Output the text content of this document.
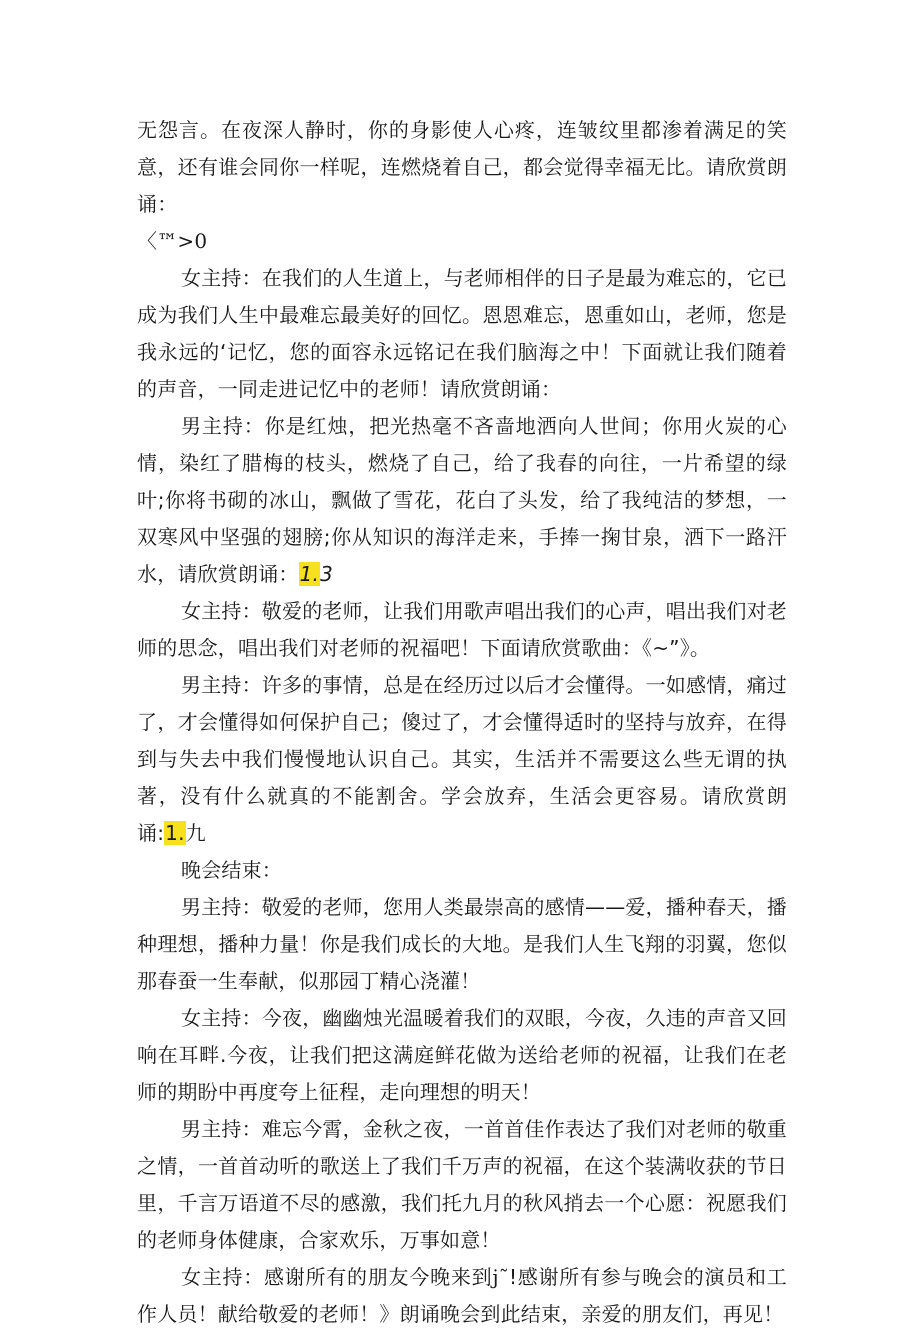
无怨言。在夜深人静时，你的身影使人心疼，连皱纹里都渗着满足的笑意，还有谁会同你一样呢，连燃烧着自己，都会觉得幸福无比。请欣赏朗诵：
〈™>0

女主持：在我们的人生道上，与老师相伴的日子是最为难忘的，它已成为我们人生中最难忘最美好的回忆。恩恩难忘，恩重如山，老师，您是我永远的‘记忆，您的面容永远铭记在我们脑海之中！下面就让我们随着的声音，一同走进记忆中的老师！请欣赏朗诵：

男主持：你是红烛，把光热毫不吝啬地洒向人世间；你用火炭的心情，染红了腊梅的枝头，燃烧了自己，给了我春的向往，一片希望的绿叶;你将书砌的冰山，飘做了雪花，花白了头发，给了我纯洁的梦想，一双寒风中坚强的翅膀;你从知识的海洋走来，手捧一掬甘泉，洒下一路汗水，请欣赏朗诵：1.3

女主持：敬爱的老师，让我们用歌声唱出我们的心声，唱出我们对老师的思念，唱出我们对老师的祝福吧！下面请欣赏歌曲：《~”》。

男主持：许多的事情，总是在经历过以后才会懂得。一如感情，痛过了，才会懂得如何保护自己；傻过了，才会懂得适时的坚持与放弃，在得到与失去中我们慢慢地认识自己。其实，生活并不需要这么些无谓的执著，没有什么就真的不能割舍。学会放弃，生活会更容易。请欣赏朗诵:1.九

晚会结束：

男主持：敬爱的老师，您用人类最崇高的感情——爱，播种春天，播种理想，播种力量！你是我们成长的大地。是我们人生飞翔的羽翼，您似那春蚕一生奉献，似那园丁精心浇灌！

女主持：今夜，幽幽烛光温暖着我们的双眼，今夜，久违的声音又回响在耳畔.今夜，让我们把这满庭鲜花做为送给老师的祝福，让我们在老师的期盼中再度夸上征程，走向理想的明天！

男主持：难忘今霄，金秋之夜，一首首佳作表达了我们对老师的敬重之情，一首首动听的歌送上了我们千万声的祝福，在这个装满收获的节日里，千言万语道不尽的感激，我们托九月的秋风捎去一个心愿：祝愿我们的老师身体健康，合家欢乐，万事如意！

女主持：感谢所有的朋友今晚来到j˜!感谢所有参与晚会的演员和工作人员！献给敬爱的老师！》朗诵晚会到此结束，亲爱的朋友们，再见！
